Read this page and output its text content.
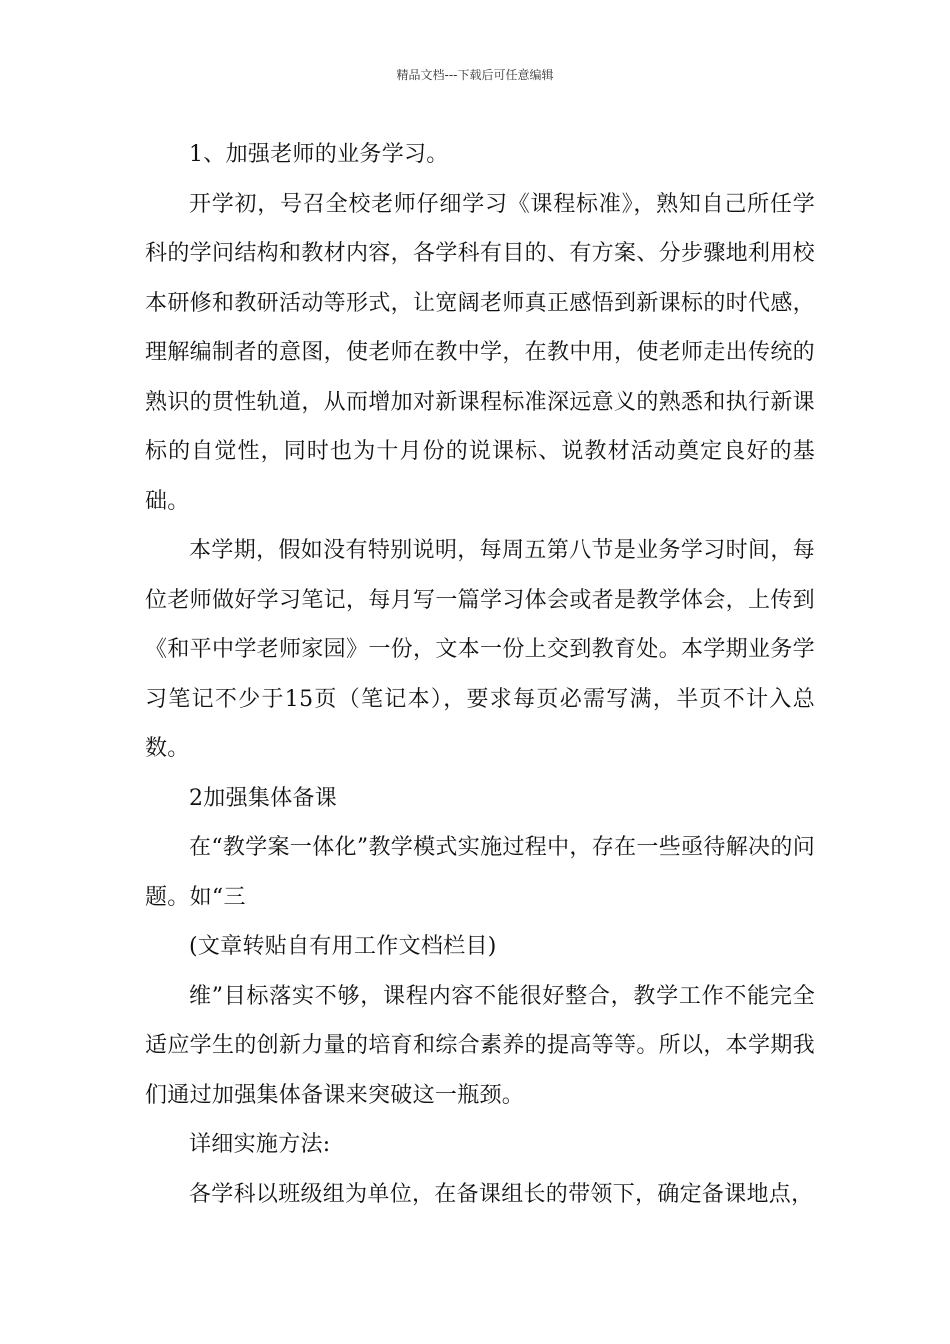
精品文档---下载后可任意编辑

1、加强老师的业务学习。

开学初，号召全校老师仔细学习《课程标准》，熟知自己所任学科的学问结构和教材内容，各学科有目的、有方案、分步骤地利用校本研修和教研活动等形式，让宽阔老师真正感悟到新课标的时代感，理解编制者的意图，使老师在教中学，在教中用，使老师走出传统的熟识的贯性轨道，从而增加对新课程标准深远意义的熟悉和执行新课标的自觉性，同时也为十月份的说课标、说教材活动奠定良好的基础。

本学期，假如没有特别说明，每周五第八节是业务学习时间，每位老师做好学习笔记，每月写一篇学习体会或者是教学体会，上传到《和平中学老师家园》一份，文本一份上交到教育处。本学期业务学习笔记不少于15页（笔记本），要求每页必需写满，半页不计入总数。

2加强集体备课

在“教学案一体化”教学模式实施过程中，存在一些亟待解决的问题。如“三

(文章转贴自有用工作文档栏目)

维”目标落实不够，课程内容不能很好整合，教学工作不能完全适应学生的创新力量的培育和综合素养的提高等等。所以，本学期我们通过加强集体备课来突破这一瓶颈。

详细实施方法:

各学科以班级组为单位，在备课组长的带领下，确定备课地点，
